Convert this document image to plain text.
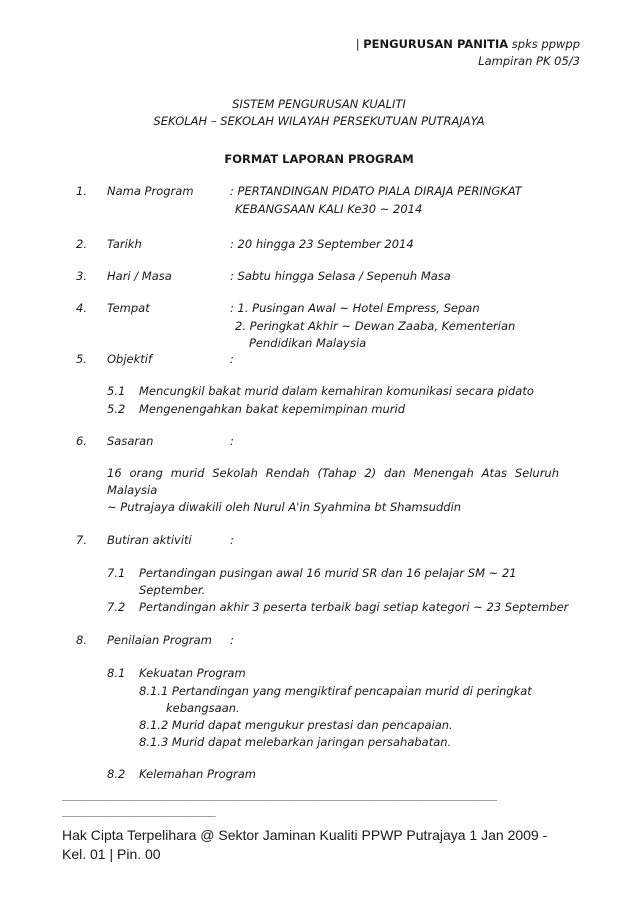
| PENGURUSAN PANITIA spks ppwpp
Lampiran PK 05/3
SISTEM PENGURUSAN KUALITI
SEKOLAH – SEKOLAH WILAYAH PERSEKUTUAN PUTRAJAYA
FORMAT LAPORAN PROGRAM
1. Nama Program	: PERTANDINGAN PIDATO PIALA DIRAJA PERINGKAT
KEBANGSAAN KALI Ke30 ~ 2014
2. Tarikh	: 20 hingga 23 September 2014
3. Hari / Masa	: Sabtu hingga Selasa / Sepenuh Masa
4. Tempat	: 1. Pusingan Awal ~ Hotel Empress, Sepan
2. Peringkat Akhir ~ Dewan Zaaba, Kementerian
Pendidikan Malaysia
5. Objektif	:
5.1 Mencungkil bakat murid dalam kemahiran komunikasi secara pidato
5.2 Mengenengahkan bakat kepemimpinan murid
6. Sasaran	:
16 orang murid Sekolah Rendah (Tahap 2) dan Menengah Atas Seluruh
Malaysia
~ Putrajaya diwakili oleh Nurul A'in Syahmina bt Shamsuddin
7. Butiran aktiviti	:
7.1 Pertandingan pusingan awal 16 murid SR dan 16 pelajar SM ~ 21
September.
7.2 Pertandingan akhir 3 peserta terbaik bagi setiap kategori ~ 23 September
8. Penilaian Program :
8.1 Kekuatan Program
8.1.1 Pertandingan yang mengiktiraf pencapaian murid di peringkat
kebangsaan.
8.1.2 Murid dapat mengukur prestasi dan pencapaian.
8.1.3 Murid dapat melebarkan jaringan persahabatan.
8.2 Kelemahan Program
_______________________________________________________________________
_________________________
Hak Cipta Terpelihara @ Sektor Jaminan Kualiti PPWP Putrajaya 1 Jan 2009 -
Kel. 01 | Pin. 00
